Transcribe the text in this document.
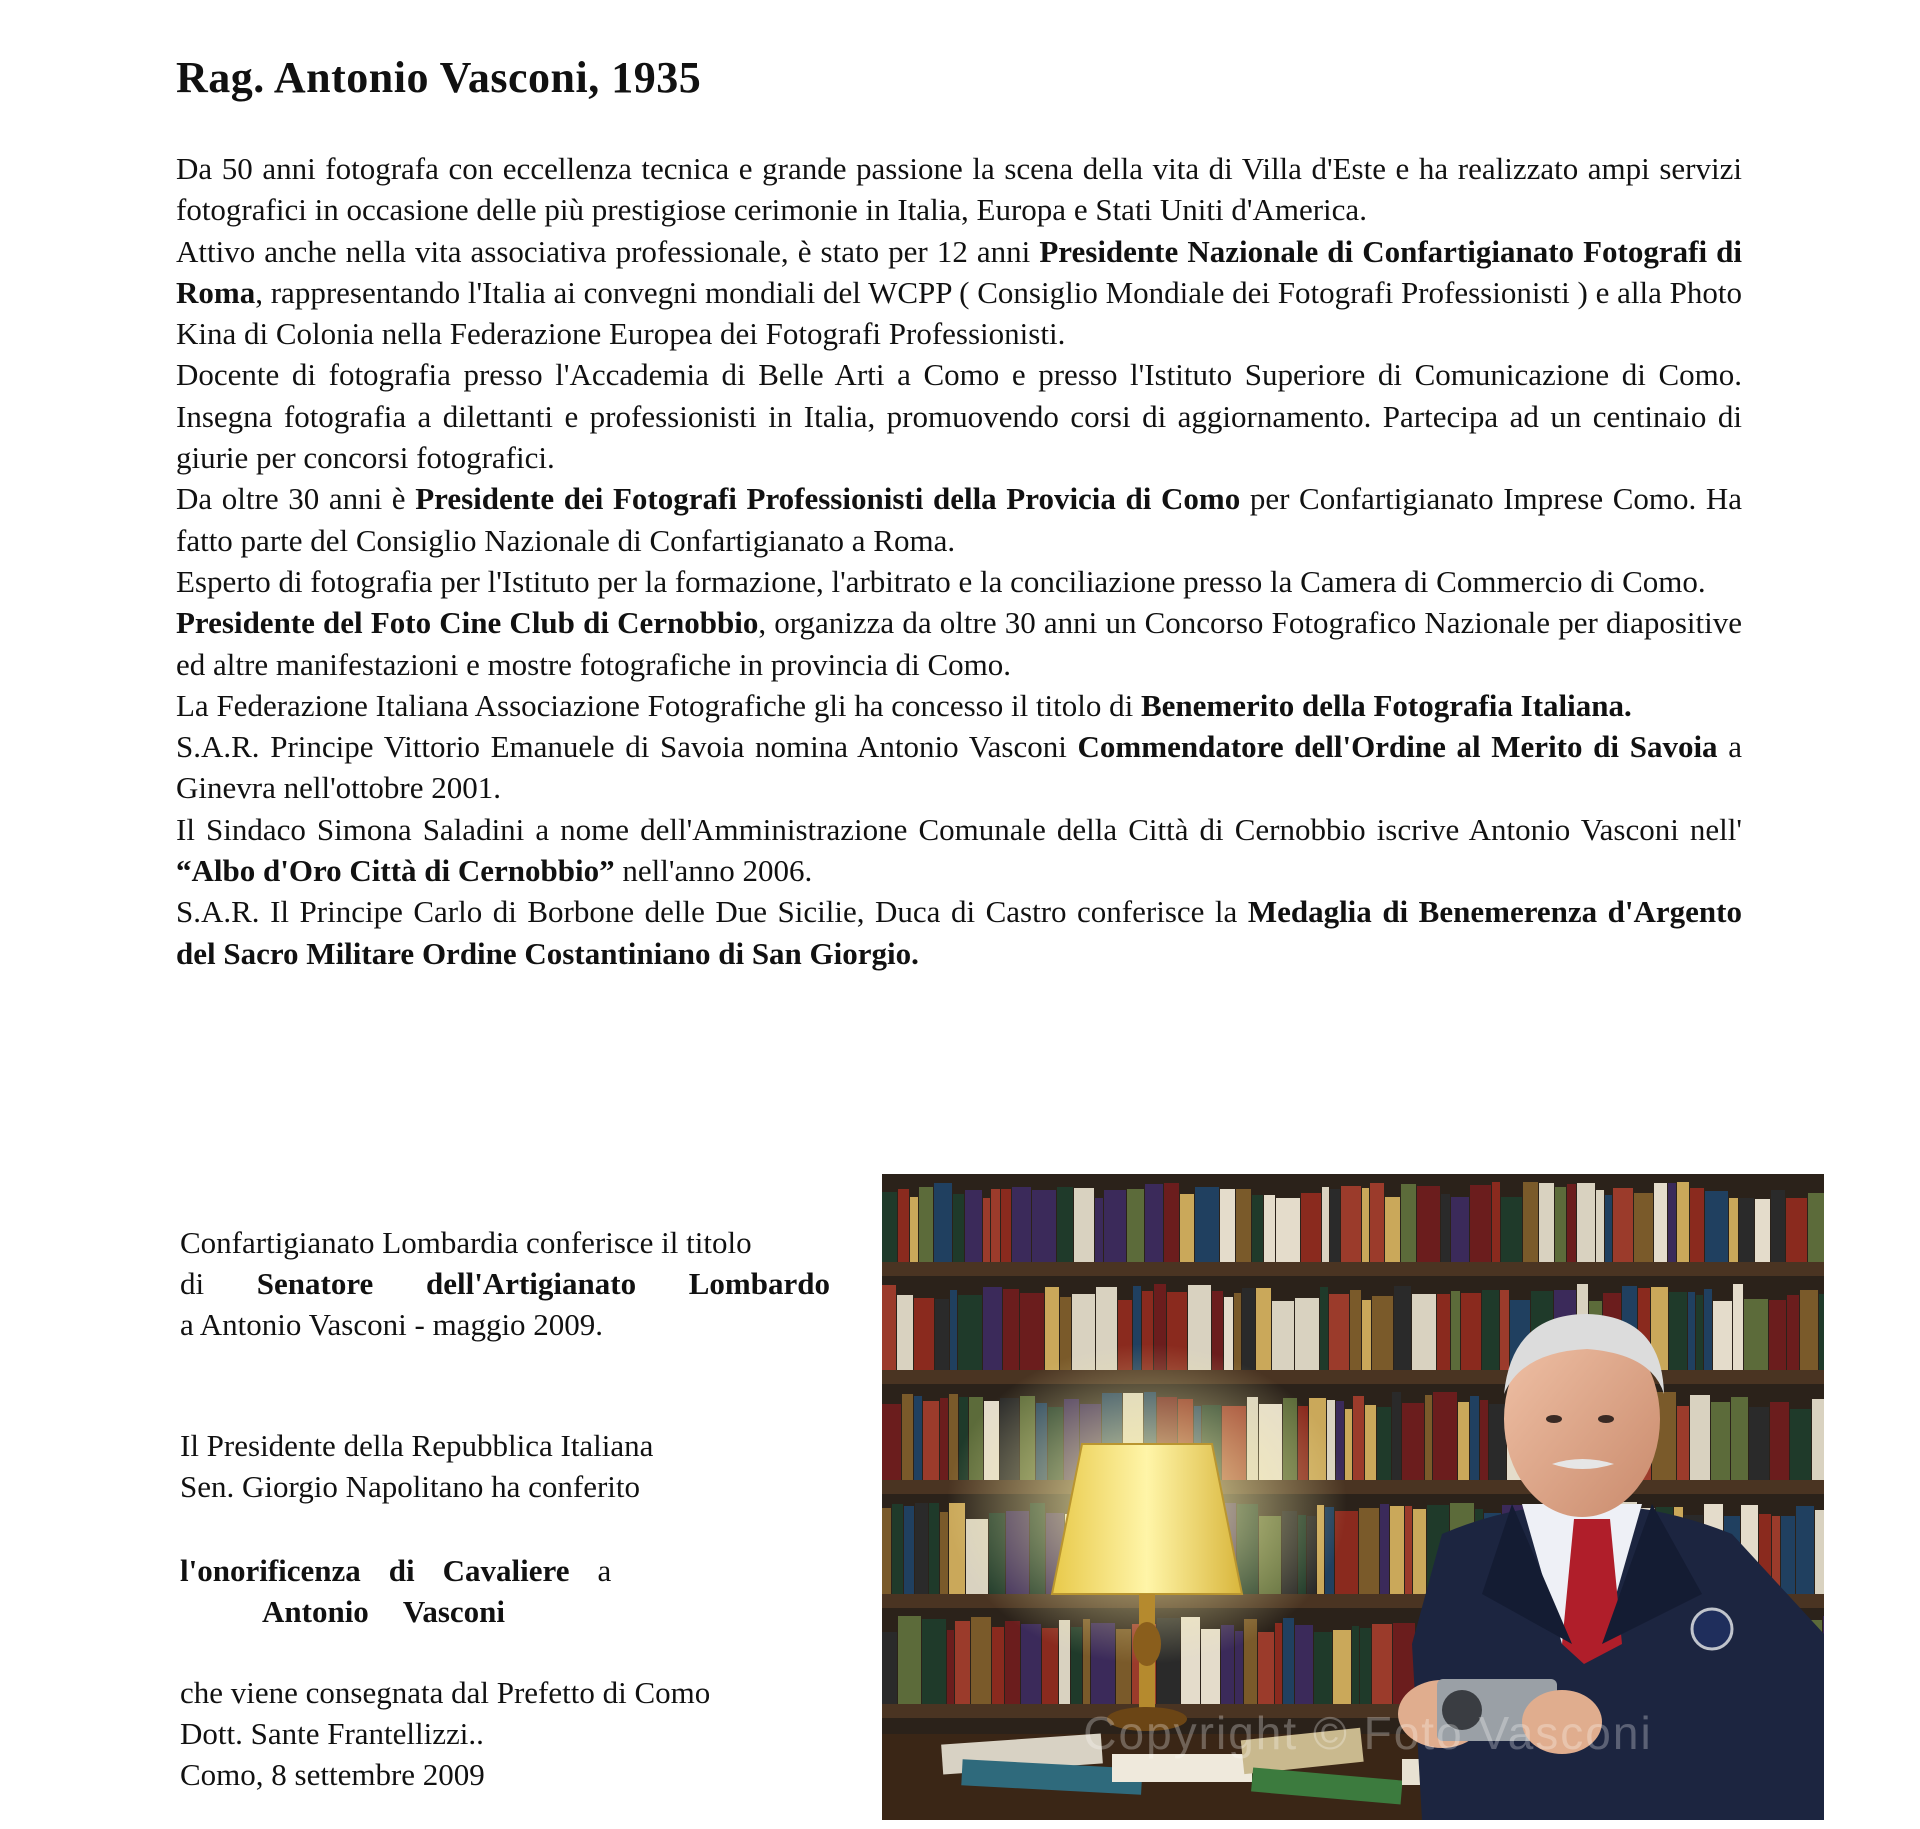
Rag. Antonio Vasconi, 1935

Da 50 anni fotografa con eccellenza tecnica e grande passione la scena della vita di Villa d'Este e ha realizzato ampi servizi fotografici in occasione delle più prestigiose cerimonie in Italia, Europa e Stati Uniti d'America.

Attivo anche nella vita associativa professionale, è stato per 12 anni Presidente Nazionale di Confartigianato Fotografi di Roma, rappresentando l'Italia ai convegni mondiali del WCPP ( Consiglio Mondiale dei Fotografi Professionisti ) e alla Photo Kina di Colonia nella Federazione Europea dei Fotografi Professionisti.

Docente di fotografia presso l'Accademia di Belle Arti a Como e presso l'Istituto Superiore di Comunicazione di Como. Insegna fotografia a dilettanti e professionisti in Italia, promuovendo corsi di aggiornamento. Partecipa ad un centinaio di giurie per concorsi fotografici.

Da oltre 30 anni è Presidente dei Fotografi Professionisti della Provicia di Como per Confartigianato Imprese Como. Ha fatto parte del Consiglio Nazionale di Confartigianato a Roma.

Esperto di fotografia per l'Istituto per la formazione, l'arbitrato e la conciliazione presso la Camera di Commercio di Como.

Presidente del Foto Cine Club di Cernobbio, organizza da oltre 30 anni un Concorso Fotografico Nazionale per diapositive ed altre manifestazioni e mostre fotografiche in provincia di Como.

La Federazione Italiana Associazione Fotografiche gli ha concesso il titolo di Benemerito della Fotografia Italiana.

S.A.R. Principe Vittorio Emanuele di Savoia nomina Antonio Vasconi Commendatore dell'Ordine al Merito di Savoia a Ginevra nell'ottobre 2001.

Il Sindaco Simona Saladini a nome dell'Amministrazione Comunale della Città di Cernobbio iscrive Antonio Vasconi nell' “Albo d'Oro Città di Cernobbio” nell'anno 2006.

S.A.R. Il Principe Carlo di Borbone delle Due Sicilie, Duca di Castro conferisce la Medaglia di Benemerenza d'Argento del Sacro Militare Ordine Costantiniano di San Giorgio.

Confartigianato Lombardia conferisce il titolo

di Senatore dell'Artigianato Lombardo

a Antonio Vasconi - maggio 2009.

Il Presidente della Repubblica Italiana

Sen. Giorgio Napolitano ha conferito

l'onorificenza di Cavaliere a

Antonio Vasconi

che viene consegnata dal Prefetto di Como

Dott. Sante Frantellizzi..

Como, 8 settembre 2009

Copyright © Foto Vasconi
